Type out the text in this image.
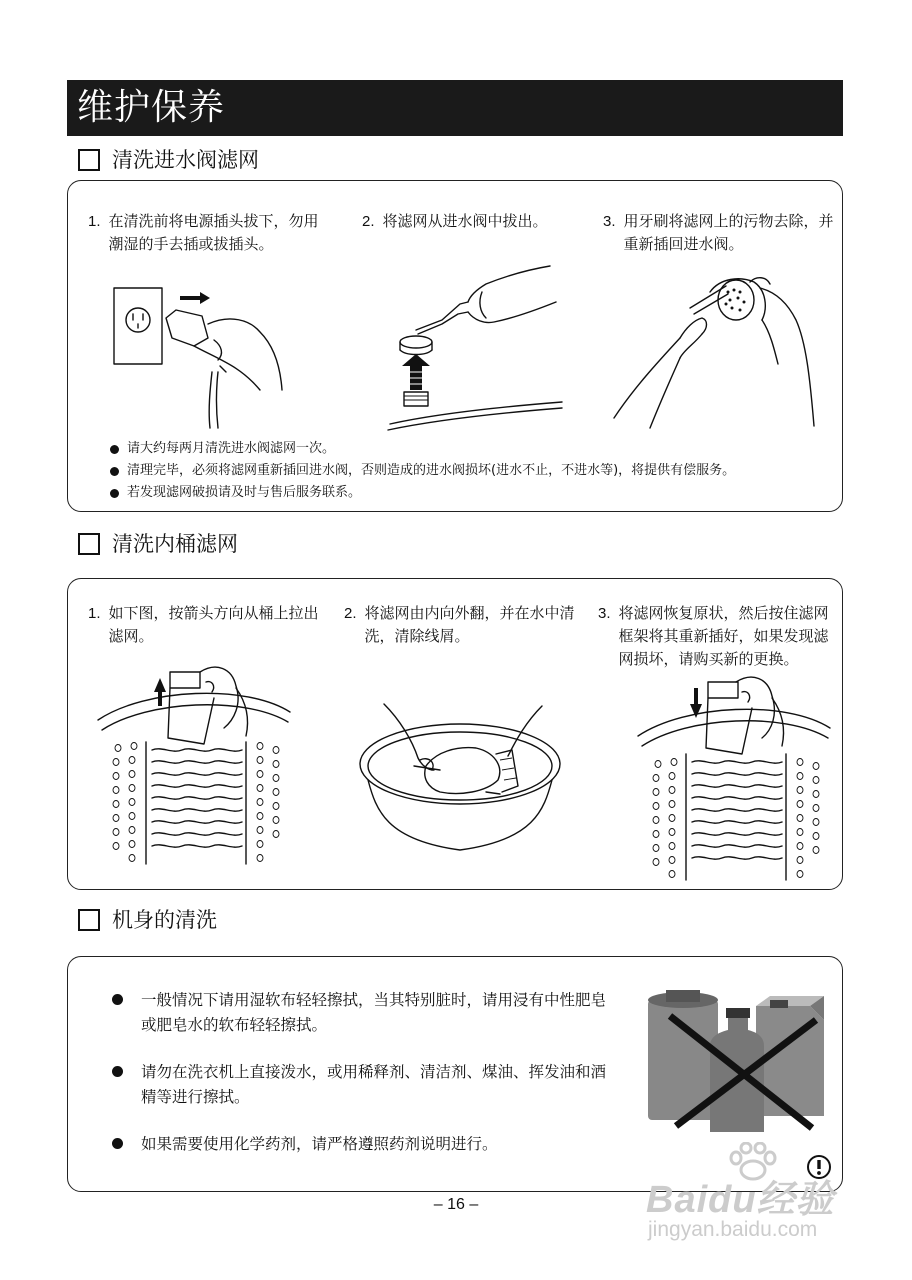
维护保养
清洗进水阀滤网
1. 在清洗前将电源插头拔下，勿用潮湿的手去插或拔插头。
2. 将滤网从进水阀中拔出。	3. 用牙刷将滤网上的污物去除，并重新插回进水阀。
请大约每两月清洗进水阀滤网一次。
清理完毕，必须将滤网重新插回进水阀，否则造成的进水阀损坏(进水不止，不进水等)，将提供有偿服务。
若发现滤网破损请及时与售后服务联系。
清洗内桶滤网
1. 如下图，按箭头方向从桶上拉出滤网。
2. 将滤网由内向外翻，并在水中清洗，清除线屑。
3. 将滤网恢复原状，然后按住滤网框架将其重新插好，如果发现滤网损坏，请购买新的更换。
机身的清洗
一般情况下请用湿软布轻轻擦拭，当其特别脏时，请用浸有中性肥皂或肥皂水的软布轻轻擦拭。
请勿在洗衣机上直接泼水，或用稀释剂、清洁剂、煤油、挥发油和酒精等进行擦拭。
如果需要使用化学药剂，请严格遵照药剂说明进行。
– 16 –	Baidu经验
jingyan.baidu.com
